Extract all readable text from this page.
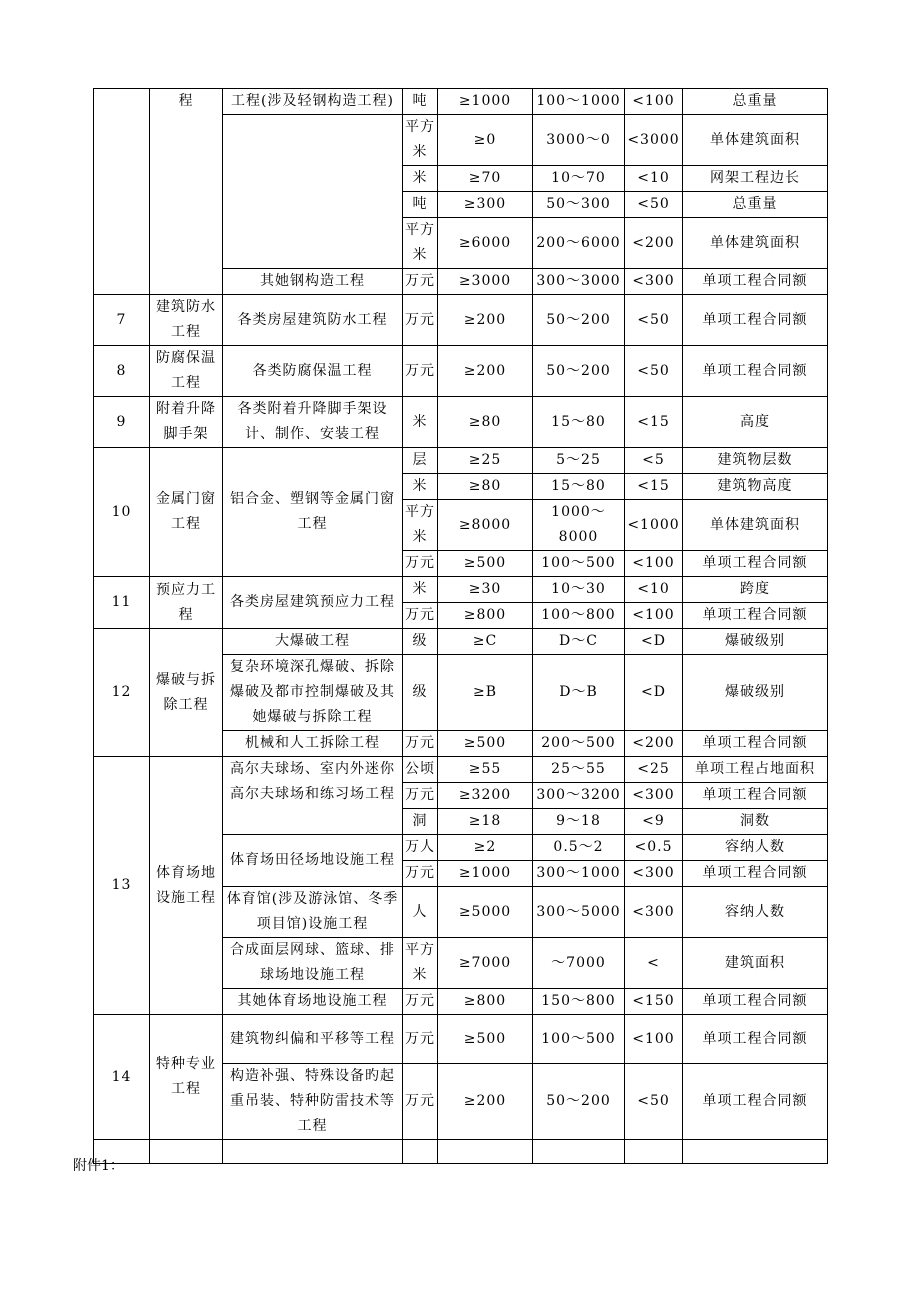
	程	工程(涉及轻钢构造工程)	吨	≥1000	100～1000	<100	总重量
			平方米	≥0	3000～0	<3000	单体建筑面积
			米	≥70	10～70	<10	网架工程边长
			吨	≥300	50～300	<50	总重量
			平方米	≥6000	200～6000	<200	单体建筑面积
		其她钢构造工程	万元	≥3000	300～3000	<300	单项工程合同额
7	建筑防水工程	各类房屋建筑防水工程	万元	≥200	50～200	<50	单项工程合同额
8	防腐保温工程	各类防腐保温工程	万元	≥200	50～200	<50	单项工程合同额
9	附着升降脚手架	各类附着升降脚手架设计、制作、安装工程	米	≥80	15～80	<15	高度
10	金属门窗工程	铝合金、塑钢等金属门窗工程	层	≥25	5～25	<5	建筑物层数
			米	≥80	15～80	<15	建筑物高度
			平方米	≥8000	1000～8000	<1000	单体建筑面积
			万元	≥500	100～500	<100	单项工程合同额
11	预应力工程	各类房屋建筑预应力工程	米	≥30	10～30	<10	跨度
			万元	≥800	100～800	<100	单项工程合同额
12	爆破与拆除工程	大爆破工程	级	≥C	D～C	<D	爆破级别
		复杂环境深孔爆破、拆除爆破及都市控制爆破及其她爆破与拆除工程	级	≥B	D～B	<D	爆破级别
		机械和人工拆除工程	万元	≥500	200～500	<200	单项工程合同额
13	体育场地设施工程	高尔夫球场、室内外迷你高尔夫球场和练习场工程	公顷	≥55	25～55	<25	单项工程占地面积
			万元	≥3200	300～3200	<300	单项工程合同额
			洞	≥18	9～18	<9	洞数
		体育场田径场地设施工程	万人	≥2	0.5～2	<0.5	容纳人数
			万元	≥1000	300～1000	<300	单项工程合同额
		体育馆(涉及游泳馆、冬季项目馆)设施工程	人	≥5000	300～5000	<300	容纳人数
		合成面层网球、篮球、排球场地设施工程	平方米	≥7000	～7000	<	建筑面积
		其她体育场地设施工程	万元	≥800	150～800	<150	单项工程合同额
14	特种专业工程	建筑物纠偏和平移等工程	万元	≥500	100～500	<100	单项工程合同额
		构造补强、特殊设备旳起重吊装、特种防雷技术等工程	万元	≥200	50～200	<50	单项工程合同额

附件1：
